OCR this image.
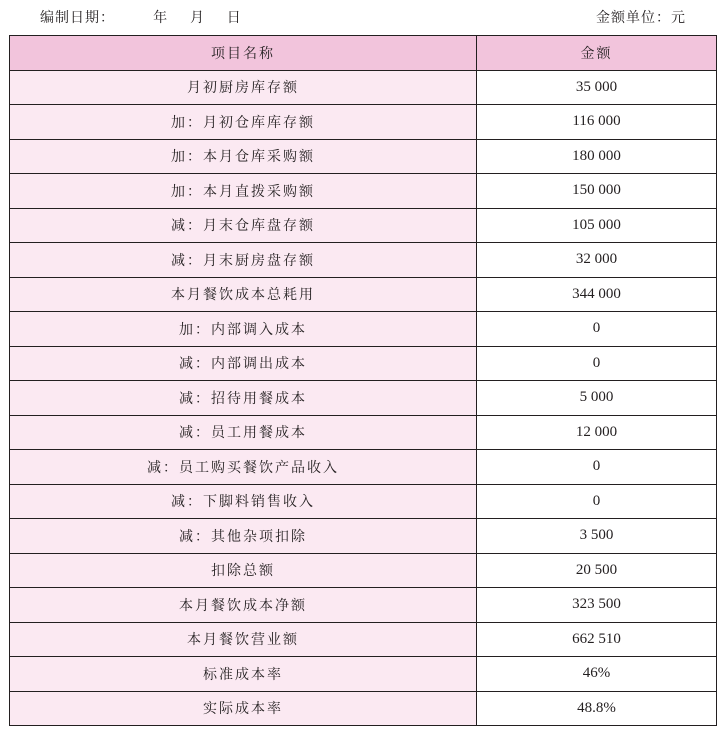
编制日期：       年    月    日	金额单位：元
项目名称	金额
月初厨房库存额	35 000
加：月初仓库库存额	116 000
加：本月仓库采购额	180 000
加：本月直拨采购额	150 000
减：月末仓库盘存额	105 000
减：月末厨房盘存额	32 000
本月餐饮成本总耗用	344 000
加：内部调入成本	0
减：内部调出成本	0
减：招待用餐成本	5 000
减：员工用餐成本	12 000
减：员工购买餐饮产品收入	0
减：下脚料销售收入	0
减：其他杂项扣除	3 500
扣除总额	20 500
本月餐饮成本净额	323 500
本月餐饮营业额	662 510
标准成本率	46%
实际成本率	48.8%
